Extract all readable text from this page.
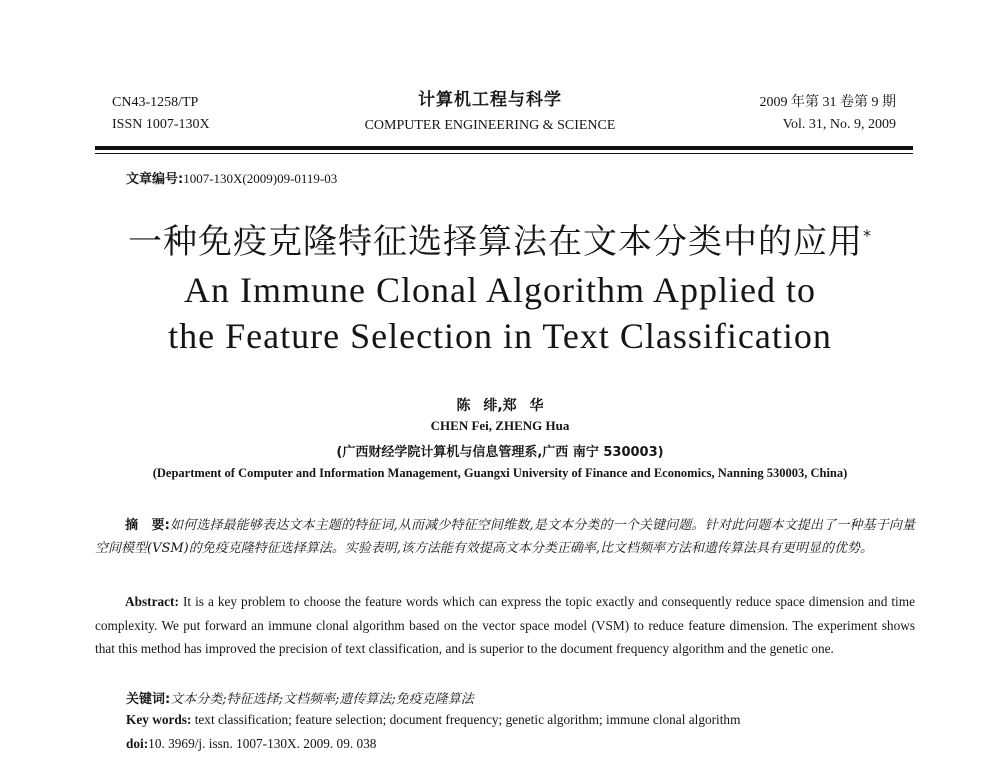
CN43-1258/TP
ISSN 1007-130X
计算机工程与科学
COMPUTER ENGINEERING & SCIENCE
2009 年第 31 卷第 9 期
Vol. 31, No. 9, 2009
文章编号:1007-130X(2009)09-0119-03
一种免疫克隆特征选择算法在文本分类中的应用*
An Immune Clonal Algorithm Applied to
the Feature Selection in Text Classification
陈 绯,郑 华
CHEN Fei, ZHENG Hua
(广西财经学院计算机与信息管理系,广西 南宁 530003)
(Department of Computer and Information Management, Guangxi University of Finance and Economics, Nanning 530003, China)
摘　要:如何选择最能够表达文本主题的特征词,从而减少特征空间维数,是文本分类的一个关键问题。针对此问题本文提出了一种基于向量空间模型(VSM)的免疫克隆特征选择算法。实验表明,该方法能有效提高文本分类正确率,比文档频率方法和遗传算法具有更明显的优势。
Abstract: It is a key problem to choose the feature words which can express the topic exactly and consequently reduce space dimension and time complexity. We put forward an immune clonal algorithm based on the vector space model (VSM) to reduce feature dimension. The experiment shows that this method has improved the precision of text classification, and is superior to the document frequency algorithm and the genetic one.
关键词:文本分类;特征选择;文档频率;遗传算法;免疫克隆算法
Key words: text classification; feature selection; document frequency; genetic algorithm; immune clonal algorithm
doi:10. 3969/j. issn. 1007-130X. 2009. 09. 038
